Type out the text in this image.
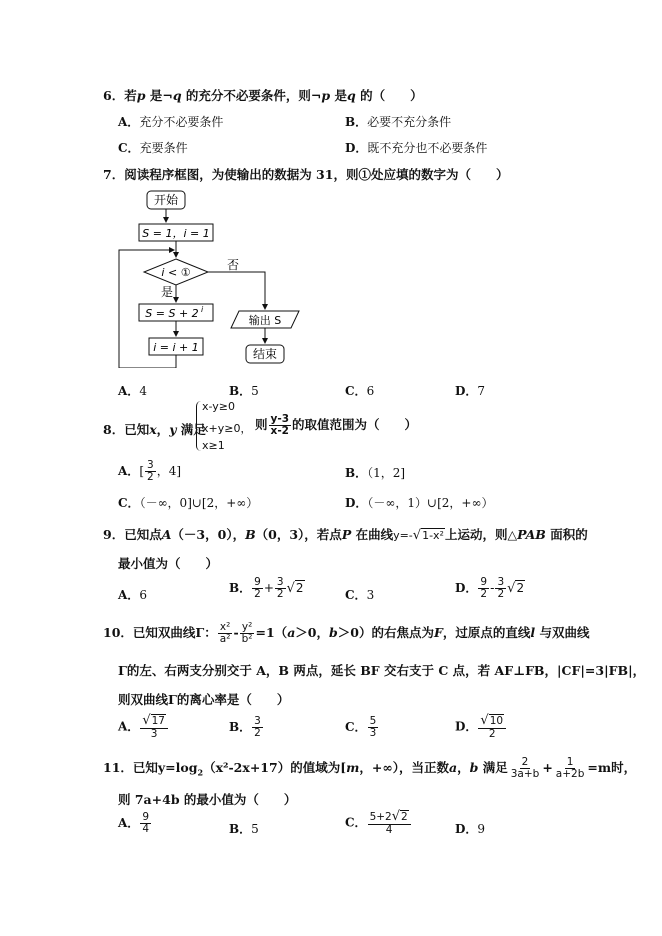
6．若p 是¬q 的充分不必要条件，则¬p 是q 的（　　）
A．充分不必要条件	B．必要不充分条件
C．充要条件	D．既不充分也不必要条件
7．阅读程序框图，为使输出的数据为 31，则①处应填的数字为（　　）
开始
S = 1，i = 1
i < ①
否
是
S = S + 2 i
i = i + 1
输出 S
结束
A．4	B．5	C．6	D．7
8．已知x，y 满足
x-y≥0
x+y≥0，
x≥1
则 $\frac{y-3}{x-2}$ 的取值范围为（　　）
A．[ $\frac{3}{2}$ ，4]	B．（1，2]
C．（－∞，0]∪[2，+∞）	D．（－∞，1）∪[2，+∞）
9．已知点A（－3，0），B（0，3），若点P 在曲线y=-√1-x²上运动，则△PAB 面积的
最小值为（　　）
A．6	B． $\frac{9}{2} + \frac{3}{2} √2$	C．3	D． $\frac{9}{2} - \frac{3}{2} √2$
10．已知双曲线Γ： $\frac{\text{x²}}{\text{a²}} - \frac{\text{y²}}{\text{b²}} =1(a>0$，b＞0）的右焦点为F，过原点的直线l 与双曲线
Γ的左、右两支分别交于 A，B 两点，延长 BF 交右支于 C 点，若 AF⊥FB，|CF|=3|FB|，
则双曲线Γ的离心率是（　　）
A． $\frac{√17}{3}$	B． $\frac{3}{2}$	C． $\frac{5}{3}$	D． $\frac{√10}{2}$
11．已知$y=\log_2(x^2-2x+17)$的值域为[m，+∞），当正数a，b 满足 $\frac{2}{3a+b} + \frac{1}{a+2b} =m$时，
则 7a+4b 的最小值为（　　）
A． $\frac{9}{4}$	B．5	C． $\frac{5+2√2}{4}$	D．9
